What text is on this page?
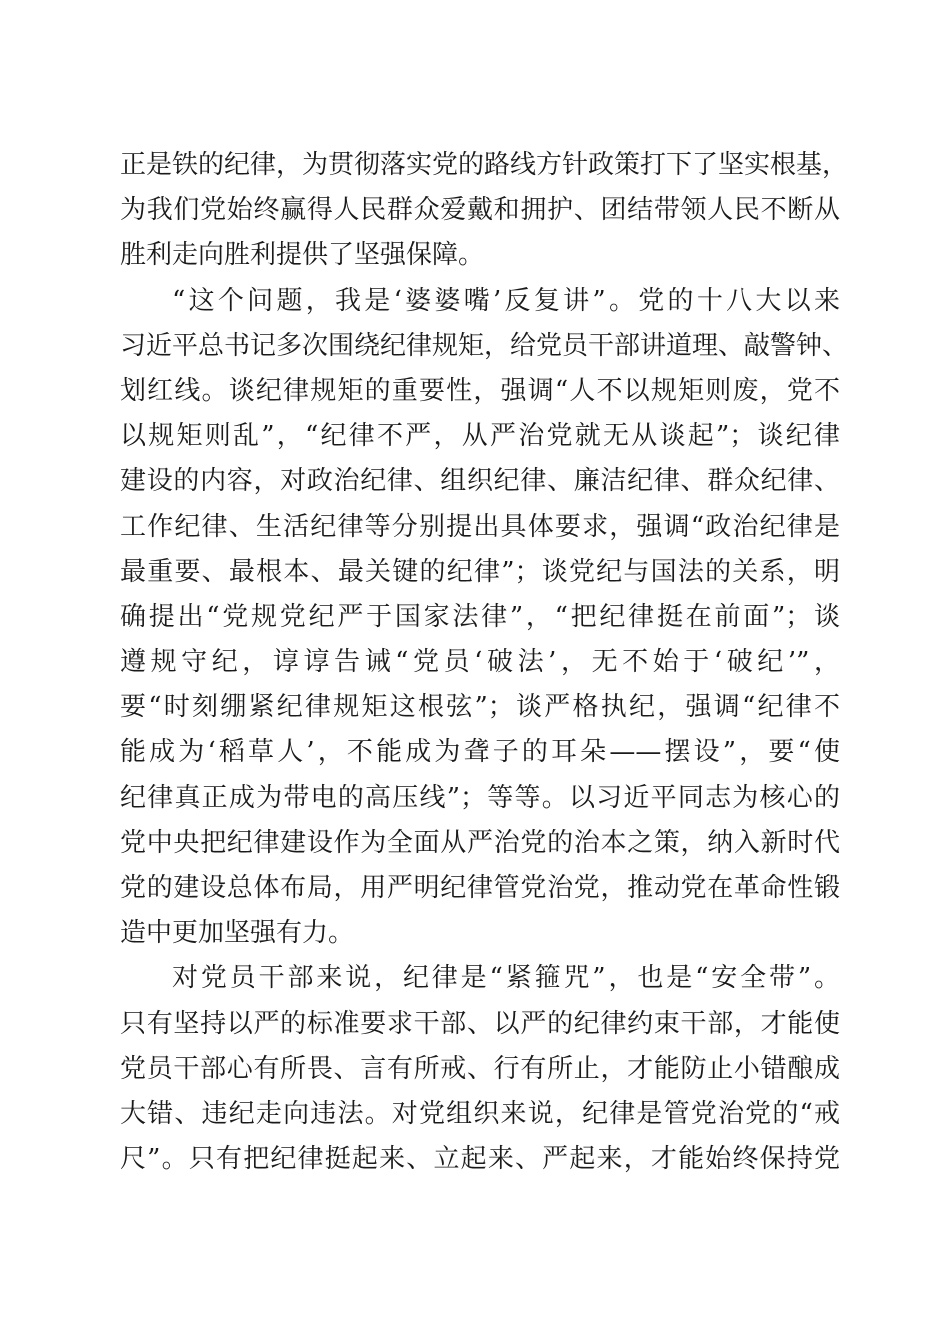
正是铁的纪律，为贯彻落实党的路线方针政策打下了坚实根基，
为我们党始终赢得人民群众爱戴和拥护、团结带领人民不断从
胜利走向胜利提供了坚强保障。
“这个问题，我是‘婆婆嘴’反复讲”。党的十八大以来
习近平总书记多次围绕纪律规矩，给党员干部讲道理、敲警钟、
划红线。谈纪律规矩的重要性，强调“人不以规矩则废，党不
以规矩则乱”，“纪律不严，从严治党就无从谈起”；谈纪律
建设的内容，对政治纪律、组织纪律、廉洁纪律、群众纪律、
工作纪律、生活纪律等分别提出具体要求，强调“政治纪律是
最重要、最根本、最关键的纪律”；谈党纪与国法的关系，明
确提出“党规党纪严于国家法律”，“把纪律挺在前面”；谈
遵规守纪，谆谆告诫“党员‘破法’，无不始于‘破纪’”，
要“时刻绷紧纪律规矩这根弦”；谈严格执纪，强调“纪律不
能成为‘稻草人’，不能成为聋子的耳朵——摆设”，要“使
纪律真正成为带电的高压线”；等等。以习近平同志为核心的
党中央把纪律建设作为全面从严治党的治本之策，纳入新时代
党的建设总体布局，用严明纪律管党治党，推动党在革命性锻
造中更加坚强有力。
对党员干部来说，纪律是“紧箍咒”，也是“安全带”。
只有坚持以严的标准要求干部、以严的纪律约束干部，才能使
党员干部心有所畏、言有所戒、行有所止，才能防止小错酿成
大错、违纪走向违法。对党组织来说，纪律是管党治党的“戒
尺”。只有把纪律挺起来、立起来、严起来，才能始终保持党
